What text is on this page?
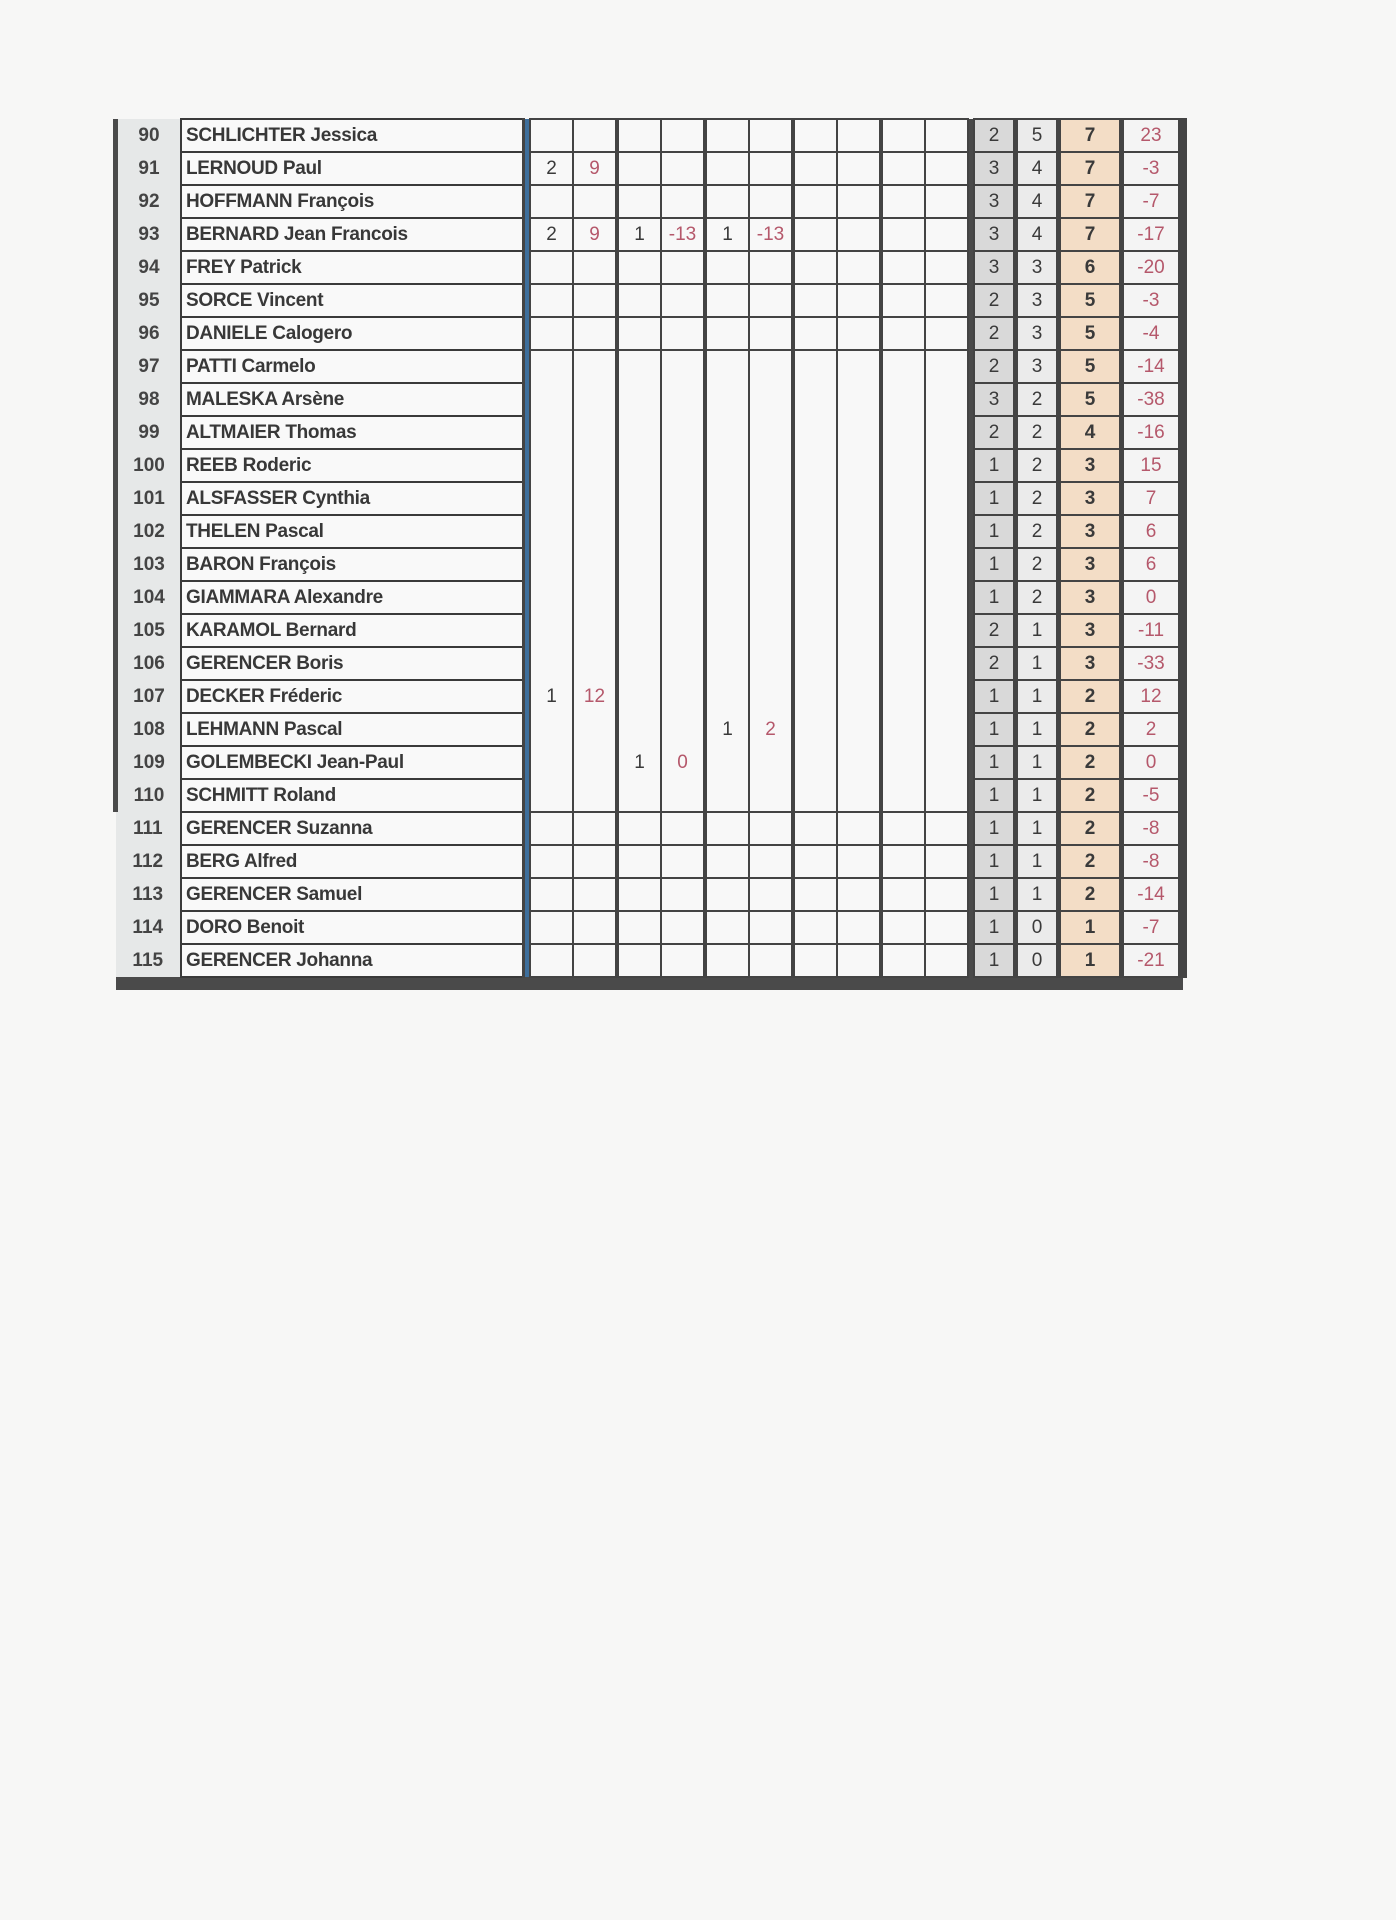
90	SCHLICHTER Jessica													2	5	7	23
91	LERNOUD Paul		2	9										3	4	7	-3
92	HOFFMANN François													3	4	7	-7
93	BERNARD Jean Francois		2	9	1	-13	1	-13						3	4	7	-17
94	FREY Patrick													3	3	6	-20
95	SORCE Vincent													2	3	5	-3
96	DANIELE Calogero													2	3	5	-4
97	PATTI Carmelo													2	3	5	-14
98	MALESKA Arsène													3	2	5	-38
99	ALTMAIER Thomas													2	2	4	-16
100	REEB Roderic													1	2	3	15
101	ALSFASSER Cynthia													1	2	3	7
102	THELEN Pascal													1	2	3	6
103	BARON François													1	2	3	6
104	GIAMMARA Alexandre													1	2	3	0
105	KARAMOL Bernard													2	1	3	-11
106	GERENCER Boris													2	1	3	-33
107	DECKER Fréderic		1	12										1	1	2	12
108	LEHMANN Pascal						1	2						1	1	2	2
109	GOLEMBECKI Jean-Paul				1	0								1	1	2	0
110	SCHMITT Roland													1	1	2	-5
111	GERENCER Suzanna													1	1	2	-8
112	BERG Alfred													1	1	2	-8
113	GERENCER Samuel													1	1	2	-14
114	DORO Benoit													1	0	1	-7
115	GERENCER Johanna													1	0	1	-21
